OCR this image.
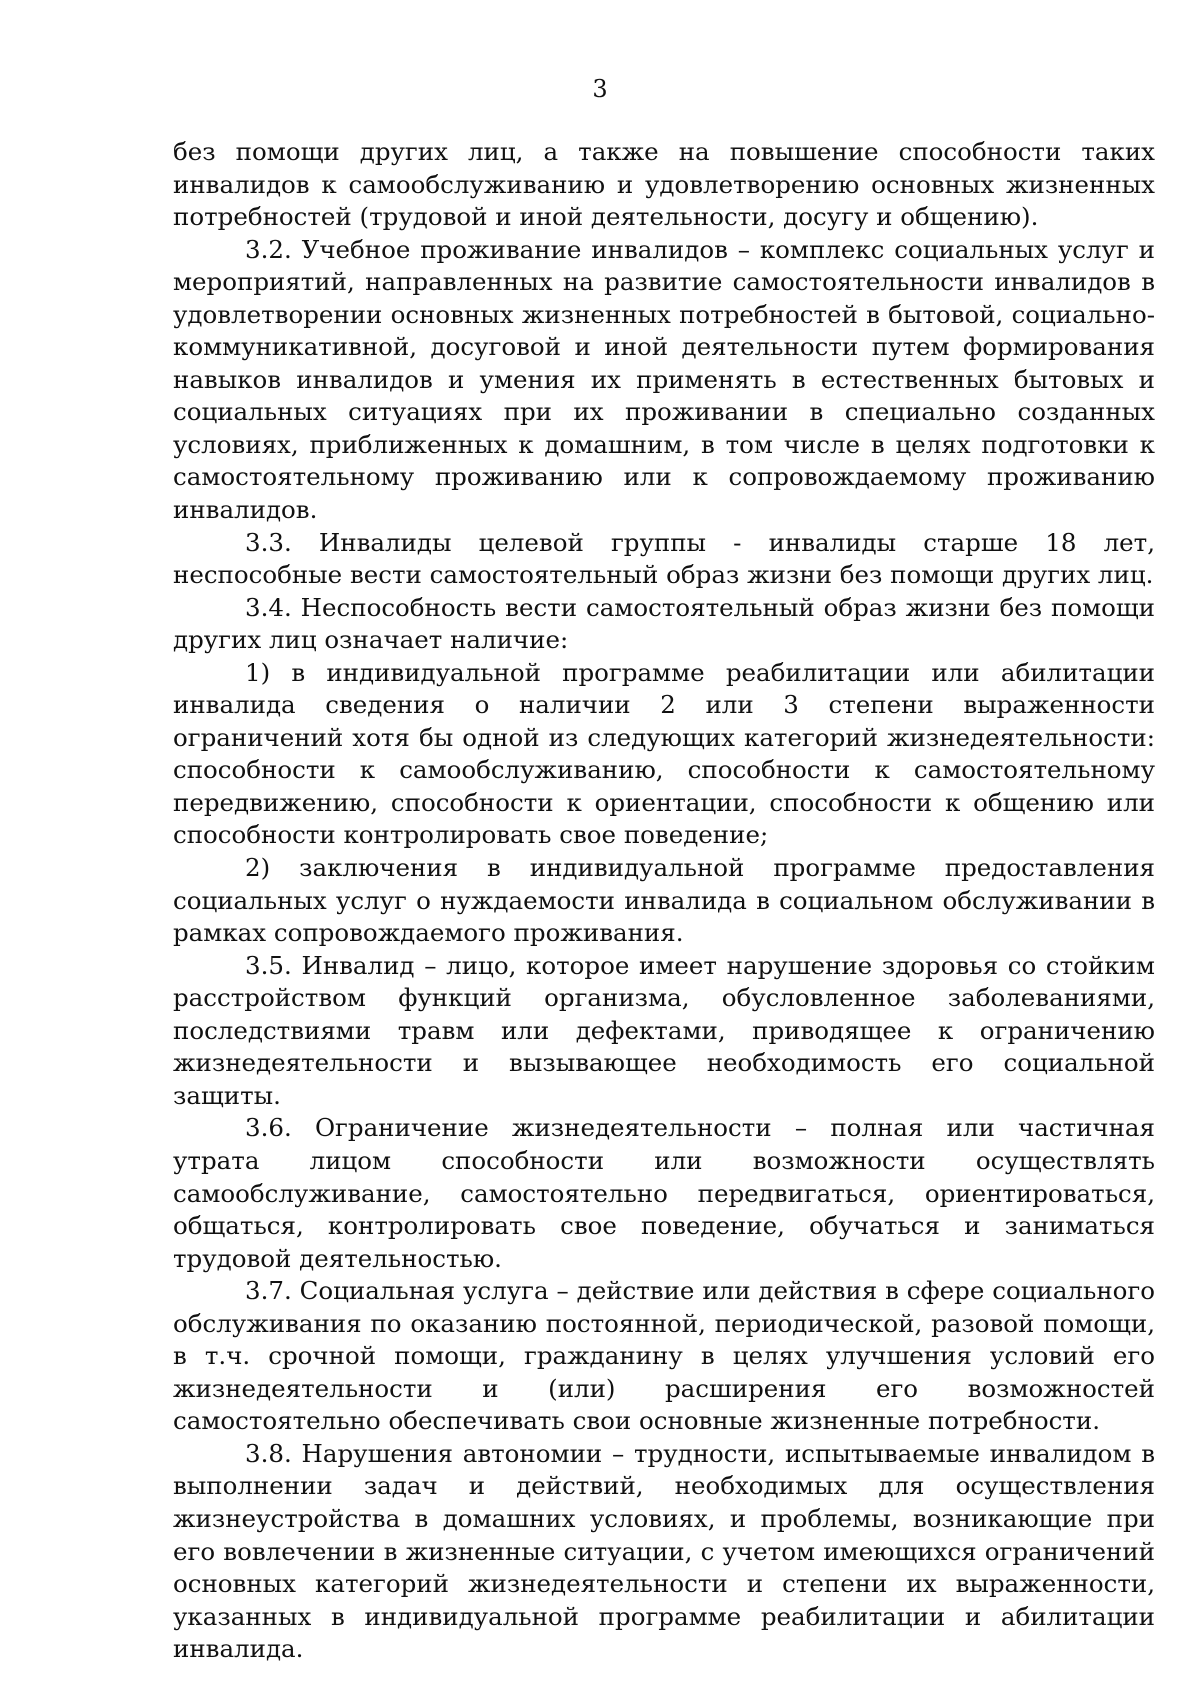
3

без помощи других лиц, а также на повышение способности таких инвалидов к самообслуживанию и удовлетворению основных жизненных потребностей (трудовой и иной деятельности, досугу и общению).

3.2. Учебное проживание инвалидов – комплекс социальных услуг и мероприятий, направленных на развитие самостоятельности инвалидов в удовлетворении основных жизненных потребностей в бытовой, социально-коммуникативной, досуговой и иной деятельности путем формирования навыков инвалидов и умения их применять в естественных бытовых и социальных ситуациях при их проживании в специально созданных условиях, приближенных к домашним, в том числе в целях подготовки к самостоятельному проживанию или к сопровождаемому проживанию инвалидов.

3.3. Инвалиды целевой группы - инвалиды старше 18 лет, неспособные вести самостоятельный образ жизни без помощи других лиц.

3.4. Неспособность вести самостоятельный образ жизни без помощи других лиц означает наличие:

1) в индивидуальной программе реабилитации или абилитации инвалида сведения о наличии 2 или 3 степени выраженности ограничений хотя бы одной из следующих категорий жизнедеятельности: способности к самообслуживанию, способности к самостоятельному передвижению, способности к ориентации, способности к общению или способности контролировать свое поведение;

2) заключения в индивидуальной программе предоставления социальных услуг о нуждаемости инвалида в социальном обслуживании в рамках сопровождаемого проживания.

3.5. Инвалид – лицо, которое имеет нарушение здоровья со стойким расстройством функций организма, обусловленное заболеваниями, последствиями травм или дефектами, приводящее к ограничению жизнедеятельности и вызывающее необходимость его социальной защиты.

3.6. Ограничение жизнедеятельности – полная или частичная утрата лицом способности или возможности осуществлять самообслуживание, самостоятельно передвигаться, ориентироваться, общаться, контролировать свое поведение, обучаться и заниматься трудовой деятельностью.

3.7. Социальная услуга – действие или действия в сфере социального обслуживания по оказанию постоянной, периодической, разовой помощи, в т.ч. срочной помощи, гражданину в целях улучшения условий его жизнедеятельности и (или) расширения его возможностей самостоятельно обеспечивать свои основные жизненные потребности.

3.8. Нарушения автономии – трудности, испытываемые инвалидом в выполнении задач и действий, необходимых для осуществления жизнеустройства в домашних условиях, и проблемы, возникающие при его вовлечении в жизненные ситуации, с учетом имеющихся ограничений основных категорий жизнедеятельности и степени их выраженности, указанных в индивидуальной программе реабилитации и абилитации инвалида.
